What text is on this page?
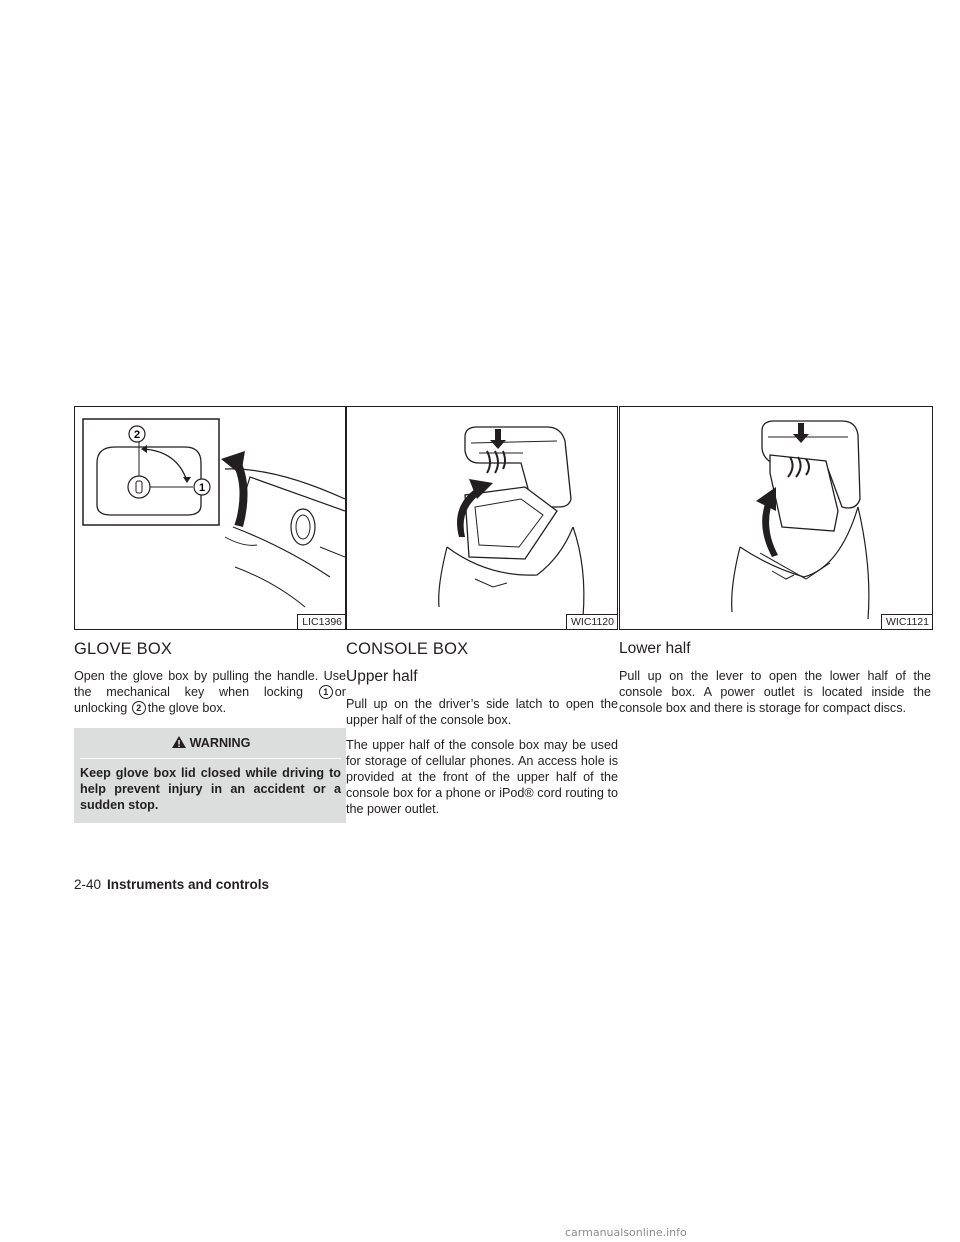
2
1
LIC1396
GLOVE BOX

Open the glove box by pulling the handle. Use the mechanical key when locking 1 or unlocking 2 the glove box.

WARNING
Keep glove box lid closed while driving to help prevent injury in an accident or a sudden stop.
WIC1120
CONSOLE BOX
Upper half

Pull up on the driver’s side latch to open the upper half of the console box.

The upper half of the console box may be used for storage of cellular phones. An access hole is provided at the front of the upper half of the console box for a phone or iPod® cord routing to the power outlet.

WIC1121
Lower half

Pull up on the lever to open the lower half of the console box. A power outlet is located inside the console box and there is storage for compact discs.

2-40 Instruments and controls
carmanualsonline.info
